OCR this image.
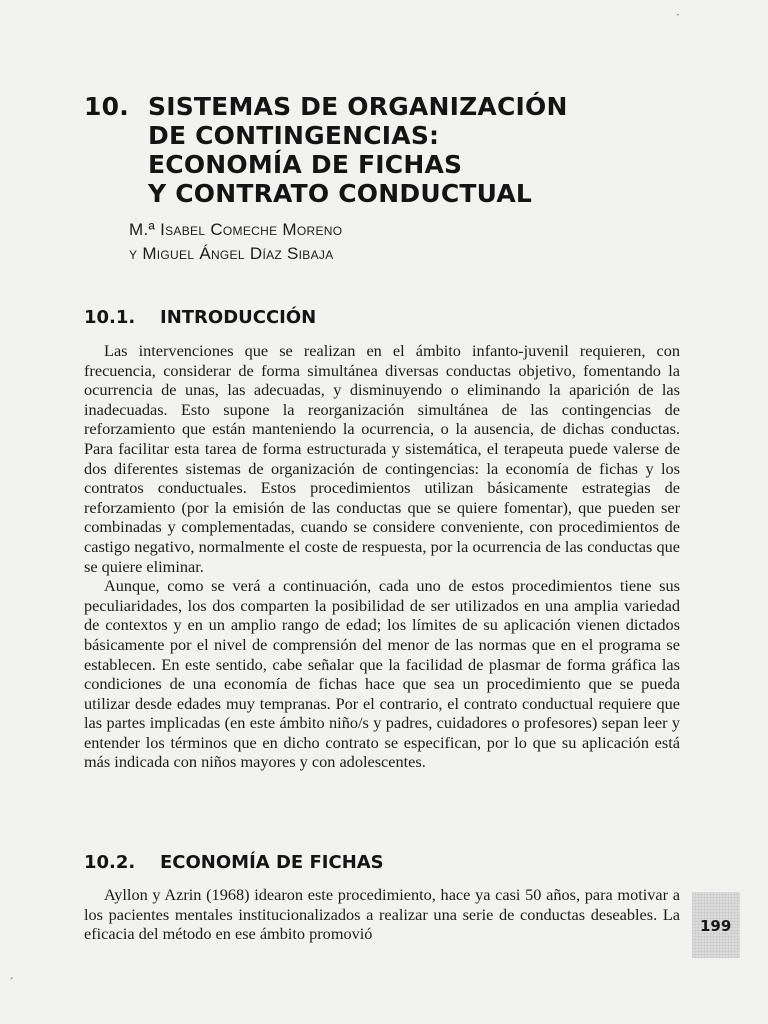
10. SISTEMAS DE ORGANIZACIÓN
DE CONTINGENCIAS:
ECONOMÍA DE FICHAS
Y CONTRATO CONDUCTUAL
M.ª Isabel Comeche Moreno
y Miguel Ángel Díaz Sibaja
10.1. INTRODUCCIÓN

Las intervenciones que se realizan en el ámbito infanto-juvenil requieren, con frecuencia, considerar de forma simultánea diversas conductas objetivo, fomentando la ocurrencia de unas, las adecuadas, y disminuyendo o eliminando la aparición de las inadecuadas. Esto supone la reorganización simultánea de las contingencias de reforzamiento que están manteniendo la ocurrencia, o la ausencia, de dichas conductas. Para facilitar esta tarea de forma estructurada y sistemática, el terapeuta puede valerse de dos diferentes sistemas de organización de contingencias: la economía de fichas y los contratos conductuales. Estos procedimientos utilizan básicamente estrategias de reforzamiento (por la emisión de las conductas que se quiere fomentar), que pueden ser combinadas y complementadas, cuando se considere conveniente, con procedimientos de castigo negativo, normalmente el coste de respuesta, por la ocurrencia de las conductas que se quiere eliminar.

Aunque, como se verá a continuación, cada uno de estos procedimientos tiene sus peculiaridades, los dos comparten la posibilidad de ser utilizados en una amplia variedad de contextos y en un amplio rango de edad; los límites de su aplicación vienen dictados básicamente por el nivel de comprensión del menor de las normas que en el programa se establecen. En este sentido, cabe señalar que la facilidad de plasmar de forma gráfica las condiciones de una economía de fichas hace que sea un procedimiento que se pueda utilizar desde edades muy tempranas. Por el contrario, el contrato conductual requiere que las partes implicadas (en este ámbito niño/s y padres, cuidadores o profesores) sepan leer y entender los términos que en dicho contrato se especifican, por lo que su aplicación está más indicada con niños mayores y con adolescentes.

10.2. ECONOMÍA DE FICHAS

Ayllon y Azrin (1968) idearon este procedimiento, hace ya casi 50 años, para motivar a los pacientes mentales institucionalizados a realizar una serie de conductas deseables. La eficacia del método en ese ámbito promovió	199
·
ˊ
